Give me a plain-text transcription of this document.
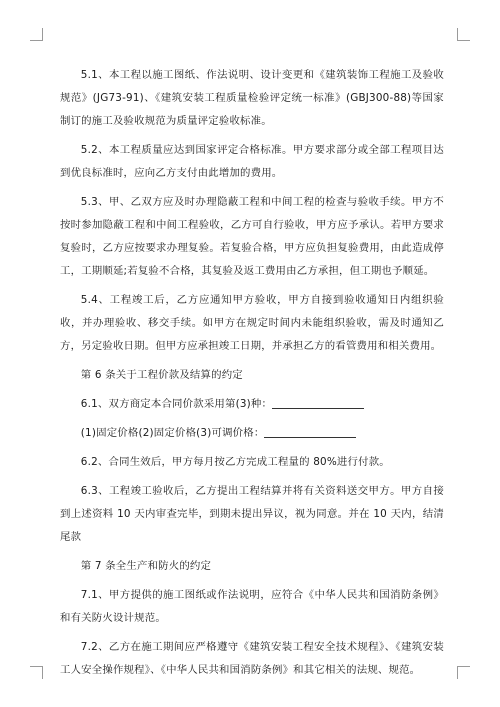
5.1、本工程以施工图纸、作法说明、设计变更和《建筑装饰工程施工及验收规范》(JG73-91)、《建筑安装工程质量检验评定统一标准》(GBJ300-88)等国家制订的施工及验收规范为质量评定验收标准。

5.2、本工程质量应达到国家评定合格标准。甲方要求部分或全部工程项目达到优良标准时，应向乙方支付由此增加的费用。

5.3、甲、乙双方应及时办理隐蔽工程和中间工程的检查与验收手续。甲方不按时参加隐蔽工程和中间工程验收，乙方可自行验收，甲方应予承认。若甲方要求复验时，乙方应按要求办理复验。若复验合格，甲方应负担复验费用，由此造成停工，工期顺延;若复验不合格，其复验及返工费用由乙方承担，但工期也予顺延。

5.4、工程竣工后，乙方应通知甲方验收，甲方自接到验收通知日内组织验收，并办理验收、移交手续。如甲方在规定时间内未能组织验收，需及时通知乙方，另定验收日期。但甲方应承担竣工日期，并承担乙方的看管费用和相关费用。

第 6 条关于工程价款及结算的约定

6.1、双方商定本合同价款采用第(3)种：

(1)固定价格(2)固定价格(3)可调价格：

6.2、合同生效后，甲方每月按乙方完成工程量的 80%进行付款。

6.3、工程竣工验收后，乙方提出工程结算并将有关资料送交甲方。甲方自接到上述资料 10 天内审查完毕，到期未提出异议，视为同意。并在 10 天内，结清尾款

第 7 条全生产和防火的约定

7.1、甲方提供的施工图纸或作法说明，应符合《中华人民共和国消防条例》和有关防火设计规范。

7.2、乙方在施工期间应严格遵守《建筑安装工程安全技术规程》、《建筑安装工人安全操作规程》、《中华人民共和国消防条例》和其它相关的法规、规范。
